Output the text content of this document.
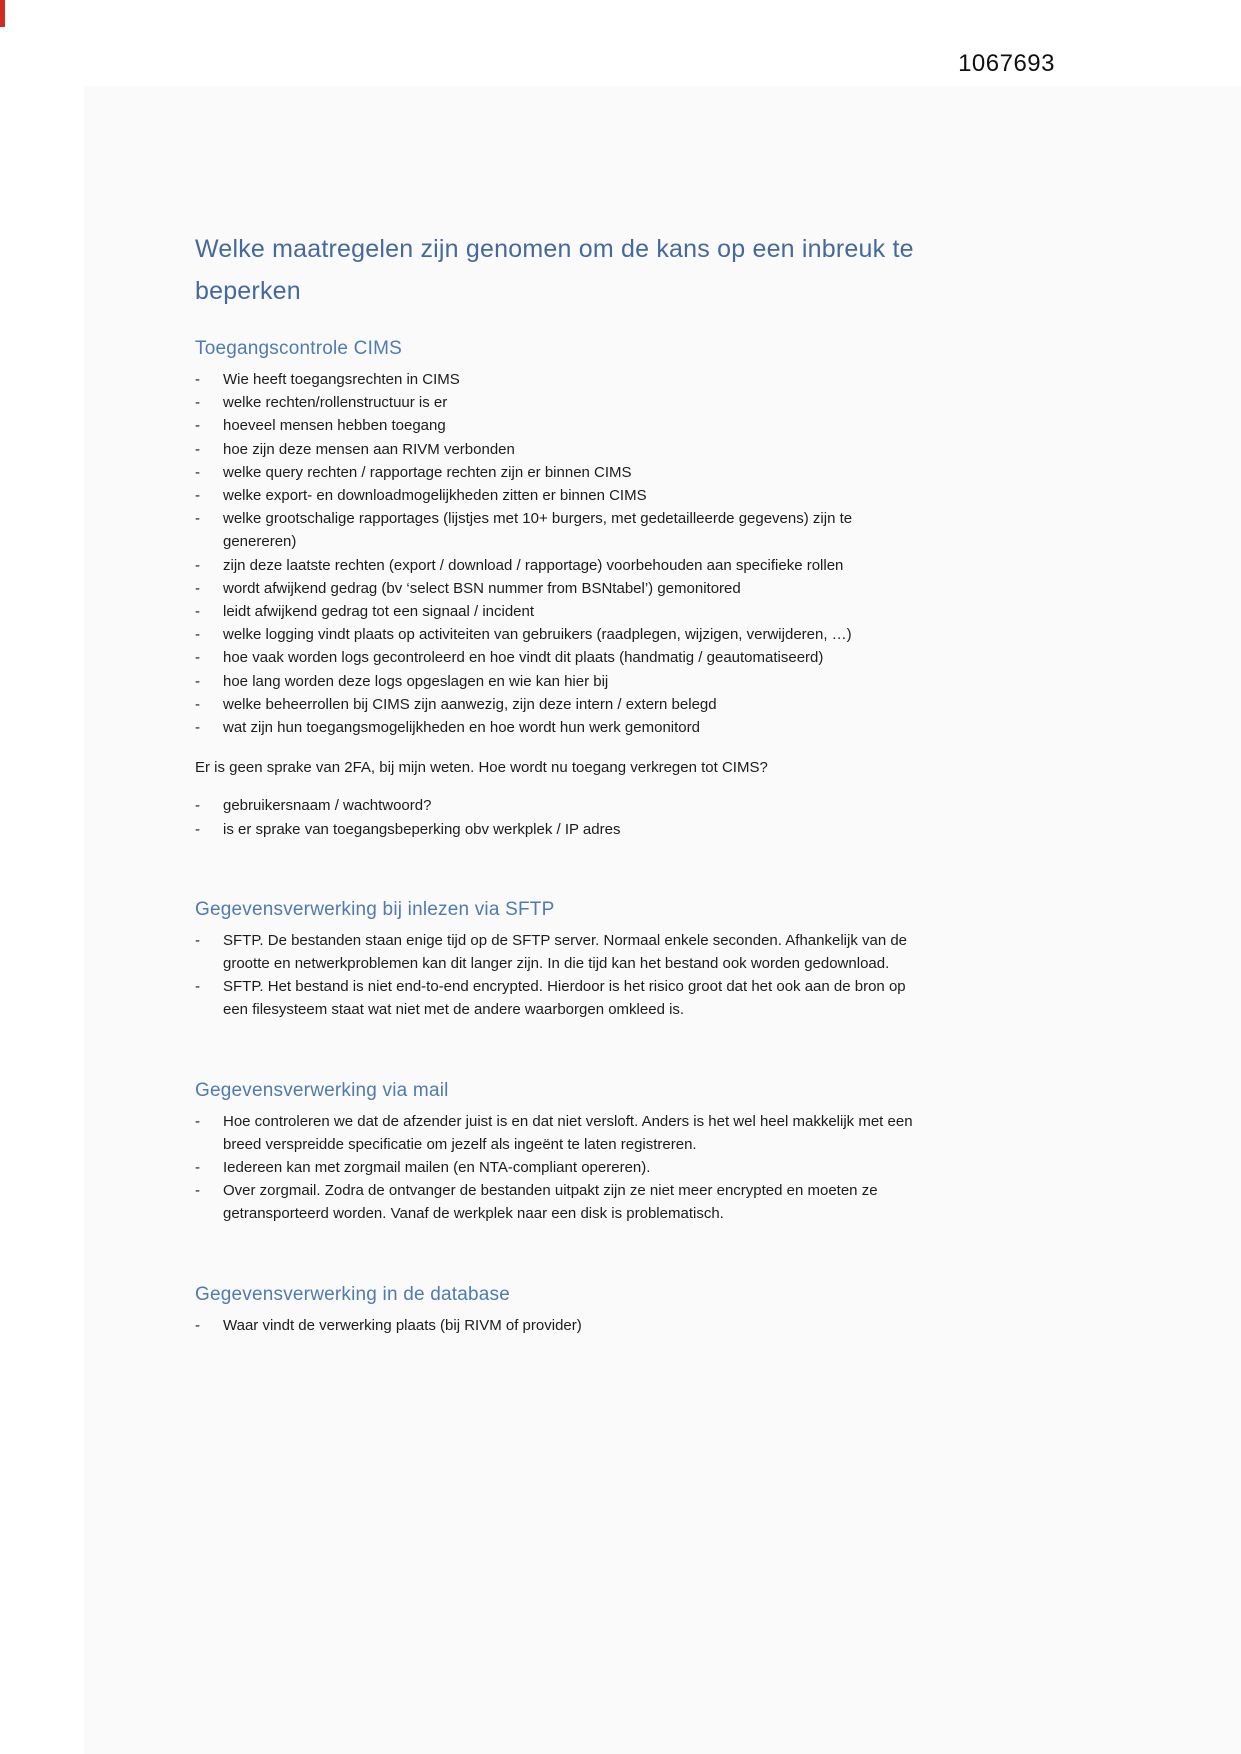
1067693
Welke maatregelen zijn genomen om de kans op een inbreuk te beperken
Toegangscontrole CIMS
-	Wie heeft toegangsrechten in CIMS
-	welke rechten/rollenstructuur is er
-	hoeveel mensen hebben toegang
-	hoe zijn deze mensen aan RIVM verbonden
-	welke query rechten / rapportage rechten zijn er binnen CIMS
-	welke export- en downloadmogelijkheden zitten er binnen CIMS
-	welke grootschalige rapportages (lijstjes met 10+ burgers, met gedetailleerde gegevens) zijn te genereren)
-	zijn deze laatste rechten (export / download / rapportage) voorbehouden aan specifieke rollen
-	wordt afwijkend gedrag (bv ‘select BSN nummer from BSNtabel’) gemonitored
-	leidt afwijkend gedrag tot een signaal / incident
-	welke logging vindt plaats op activiteiten van gebruikers (raadplegen, wijzigen, verwijderen, …)
-	hoe vaak worden logs gecontroleerd en hoe vindt dit plaats (handmatig / geautomatiseerd)
-	hoe lang worden deze logs opgeslagen en wie kan hier bij
-	welke beheerrollen bij CIMS zijn aanwezig, zijn deze intern / extern belegd
-	wat zijn hun toegangsmogelijkheden en hoe wordt hun werk gemonitord

Er is geen sprake van 2FA, bij mijn weten. Hoe wordt nu toegang verkregen tot CIMS?

-	gebruikersnaam / wachtwoord?
-	is er sprake van toegangsbeperking obv werkplek / IP adres
Gegevensverwerking bij inlezen via SFTP
-	SFTP. De bestanden staan enige tijd op de SFTP server. Normaal enkele seconden. Afhankelijk van de grootte en netwerkproblemen kan dit langer zijn. In die tijd kan het bestand ook worden gedownload.
-	SFTP. Het bestand is niet end-to-end encrypted. Hierdoor is het risico groot dat het ook aan de bron op een filesysteem staat wat niet met de andere waarborgen omkleed is.
Gegevensverwerking via mail
-	Hoe controleren we dat de afzender juist is en dat niet versloft. Anders is het wel heel makkelijk met een breed verspreidde specificatie om jezelf als ingeënt te laten registreren.
-	Iedereen kan met zorgmail mailen (en NTA-compliant opereren).
-	Over zorgmail. Zodra de ontvanger de bestanden uitpakt zijn ze niet meer encrypted en moeten ze getransporteerd worden. Vanaf de werkplek naar een disk is problematisch.
Gegevensverwerking in de database
-	Waar vindt de verwerking plaats (bij RIVM of provider)
